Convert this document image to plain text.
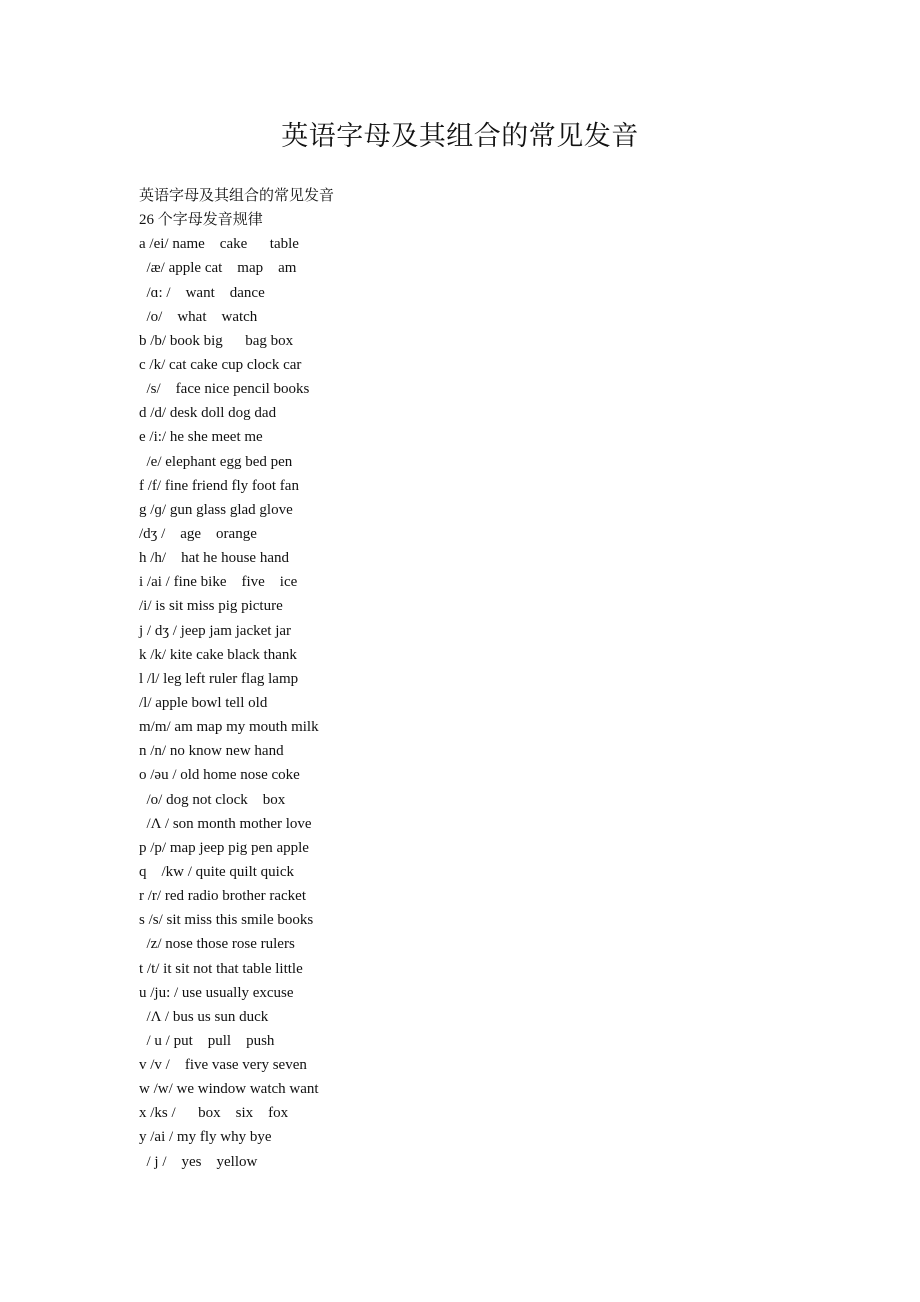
英语字母及其组合的常见发音
英语字母及其组合的常见发音
26 个字母发音规律
a /ei/ name    cake      table
/æ/ apple cat    map    am
/ɑ: /    want    dance
/o/    what    watch
b /b/ book big      bag box
c /k/ cat cake cup clock car
/s/    face nice pencil books
d /d/ desk doll dog dad
e /i:/ he she meet me
/e/ elephant egg bed pen
f /f/ fine friend fly foot fan
g /ɡ/ gun glass glad glove
/dʒ /    age    orange
h /h/    hat he house hand
i /ai / fine bike    five    ice
/i/ is sit miss pig picture
j / dʒ / jeep jam jacket jar
k /k/ kite cake black thank
l /l/ leg left ruler flag lamp
/l/ apple bowl tell old
m/m/ am map my mouth milk
n /n/ no know new hand
o /əu / old home nose coke
/o/ dog not clock    box
/Λ / son month mother love
p /p/ map jeep pig pen apple
q    /kw / quite quilt quick
r /r/ red radio brother racket
s /s/ sit miss this smile books
/z/ nose those rose rulers
t /t/ it sit not that table little
u /ju: / use usually excuse
/Λ / bus us sun duck
/ u / put    pull    push
v /v /    five vase very seven
w /w/ we window watch want
x /ks /      box    six    fox
y /ai / my fly why bye
/ j /    yes    yellow
